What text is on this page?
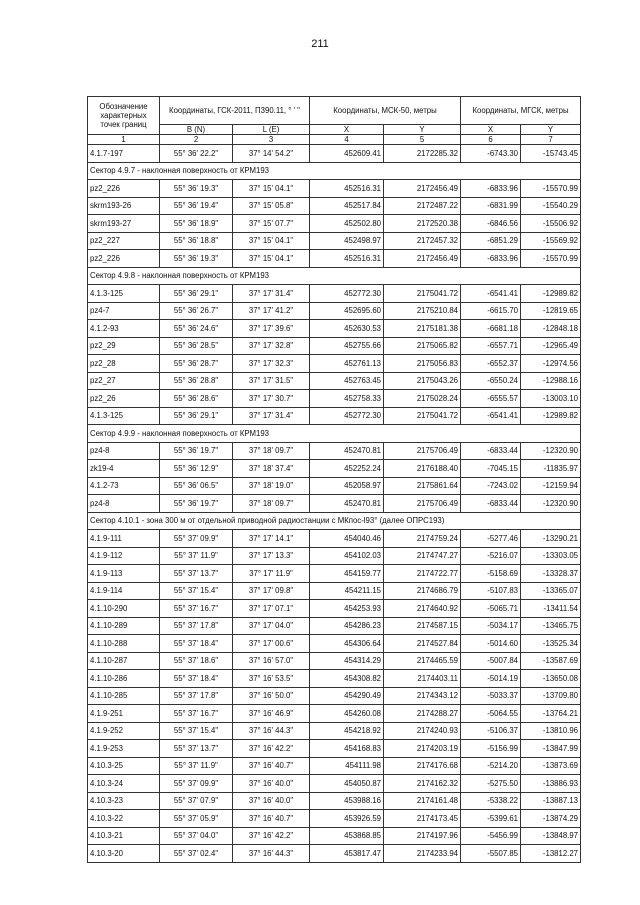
211
Обозначение характерных точек границ	Координаты, ГСК-2011, П390.11, ° ' "		Координаты, МСК-50, метры		Координаты, МГСК, метры	
	B (N)	L (E)	X	Y	X	Y
1	2	3	4	5	6	7
4.1.7-197	55° 36' 22.2"	37° 14' 54.2"	452609.41	2172285.32	-6743.30	-15743.45
Сектор 4.9.7 - наклонная поверхность от КРМ193						
pz2_226	55° 36' 19.3"	37° 15' 04.1"	452516.31	2172456.49	-6833.96	-15570.99
skrm193-26	55° 36' 19.4"	37° 15' 05.8"	452517.84	2172487.22	-6831.99	-15540.29
skrm193-27	55° 36' 18.9"	37° 15' 07.7"	452502.80	2172520.38	-6846.56	-15506.92
pz2_227	55° 36' 18.8"	37° 15' 04.1"	452498.97	2172457.32	-6851.29	-15569.92
pz2_226	55° 36' 19.3"	37° 15' 04.1"	452516.31	2172456.49	-6833.96	-15570.99
Сектор 4.9.8 - наклонная поверхность от КРМ193						
4.1.3-125	55° 36' 29.1"	37° 17' 31.4"	452772.30	2175041.72	-6541.41	-12989.82
pz4-7	55° 36' 26.7"	37° 17' 41.2"	452695.60	2175210.84	-6615.70	-12819.65
4.1.2-93	55° 36' 24.6"	37° 17' 39.6"	452630.53	2175181.38	-6681.18	-12848.18
pz2_29	55° 36' 28.5"	37° 17' 32.8"	452755.66	2175065.82	-6557.71	-12965.49
pz2_28	55° 36' 28.7"	37° 17' 32.3"	452761.13	2175056.83	-6552.37	-12974.56
pz2_27	55° 36' 28.8"	37° 17' 31.5"	452763.45	2175043.26	-6550.24	-12988.16
pz2_26	55° 36' 28.6"	37° 17' 30.7"	452758.33	2175028.24	-6555.57	-13003.10
4.1.3-125	55° 36' 29.1"	37° 17' 31.4"	452772.30	2175041.72	-6541.41	-12989.82
Сектор 4.9.9 - наклонная поверхность от КРМ193						
pz4-8	55° 36' 19.7"	37° 18' 09.7"	452470.81	2175706.49	-6833.44	-12320.90
zk19-4	55° 36' 12.9"	37° 18' 37.4"	452252.24	2176188.40	-7045.15	-11835.97
4.1.2-73	55° 36' 06.5"	37° 18' 19.0"	452058.97	2175861.64	-7243.02	-12159.94
pz4-8	55° 36' 19.7"	37° 18' 09.7"	452470.81	2175706.49	-6833.44	-12320.90
Сектор 4.10.1 - зона 300 м от отдельной приводной радиостанции с МКпос-l93° (далее ОПРС193)						
4.1.9-111	55° 37' 09.9"	37° 17' 14.1"	454040.46	2174759.24	-5277.46	-13290.21
4.1.9-112	55° 37' 11.9"	37° 17' 13.3"	454102.03	2174747.27	-5216.07	-13303.05
4.1.9-113	55° 37' 13.7"	37° 17' 11.9"	454159.77	2174722.77	-5158.69	-13328.37
4.1.9-114	55° 37' 15.4"	37° 17' 09.8"	454211.15	2174686.79	-5107.83	-13365.07
4.1.10-290	55° 37' 16.7"	37° 17' 07.1"	454253.93	2174640.92	-5065.71	-13411.54
4.1.10-289	55° 37' 17.8"	37° 17' 04.0"	454286.23	2174587.15	-5034.17	-13465.75
4.1.10-288	55° 37' 18.4"	37° 17' 00.6"	454306.64	2174527.84	-5014.60	-13525.34
4.1.10-287	55° 37' 18.6"	37° 16' 57.0"	454314.29	2174465.59	-5007.84	-13587.69
4.1.10-286	55° 37' 18.4"	37° 16' 53.5"	454308.82	2174403.11	-5014.19	-13650.08
4.1.10-285	55° 37' 17.8"	37° 16' 50.0"	454290.49	2174343.12	-5033.37	-13709.80
4.1.9-251	55° 37' 16.7"	37° 16' 46.9"	454260.08	2174288.27	-5064.55	-13764.21
4.1.9-252	55° 37' 15.4"	37° 16' 44.3"	454218.92	2174240.93	-5106.37	-13810.96
4.1.9-253	55° 37' 13.7"	37° 16' 42.2"	454168.83	2174203.19	-5156.99	-13847.99
4.10.3-25	55° 37' 11.9"	37° 16' 40.7"	454111.98	2174176.68	-5214.20	-13873.69
4.10.3-24	55° 37' 09.9"	37° 16' 40.0"	454050.87	2174162.32	-5275.50	-13886.93
4.10.3-23	55° 37' 07.9"	37° 16' 40.0"	453988.16	2174161.48	-5338.22	-13887.13
4.10.3-22	55° 37' 05.9"	37° 16' 40.7"	453926.59	2174173.45	-5399.61	-13874.29
4.10.3-21	55° 37' 04.0"	37° 16' 42.2"	453868.85	2174197.96	-5456.99	-13848.97
4.10.3-20	55° 37' 02.4"	37° 16' 44.3"	453817.47	2174233.94	-5507.85	-13812.27
